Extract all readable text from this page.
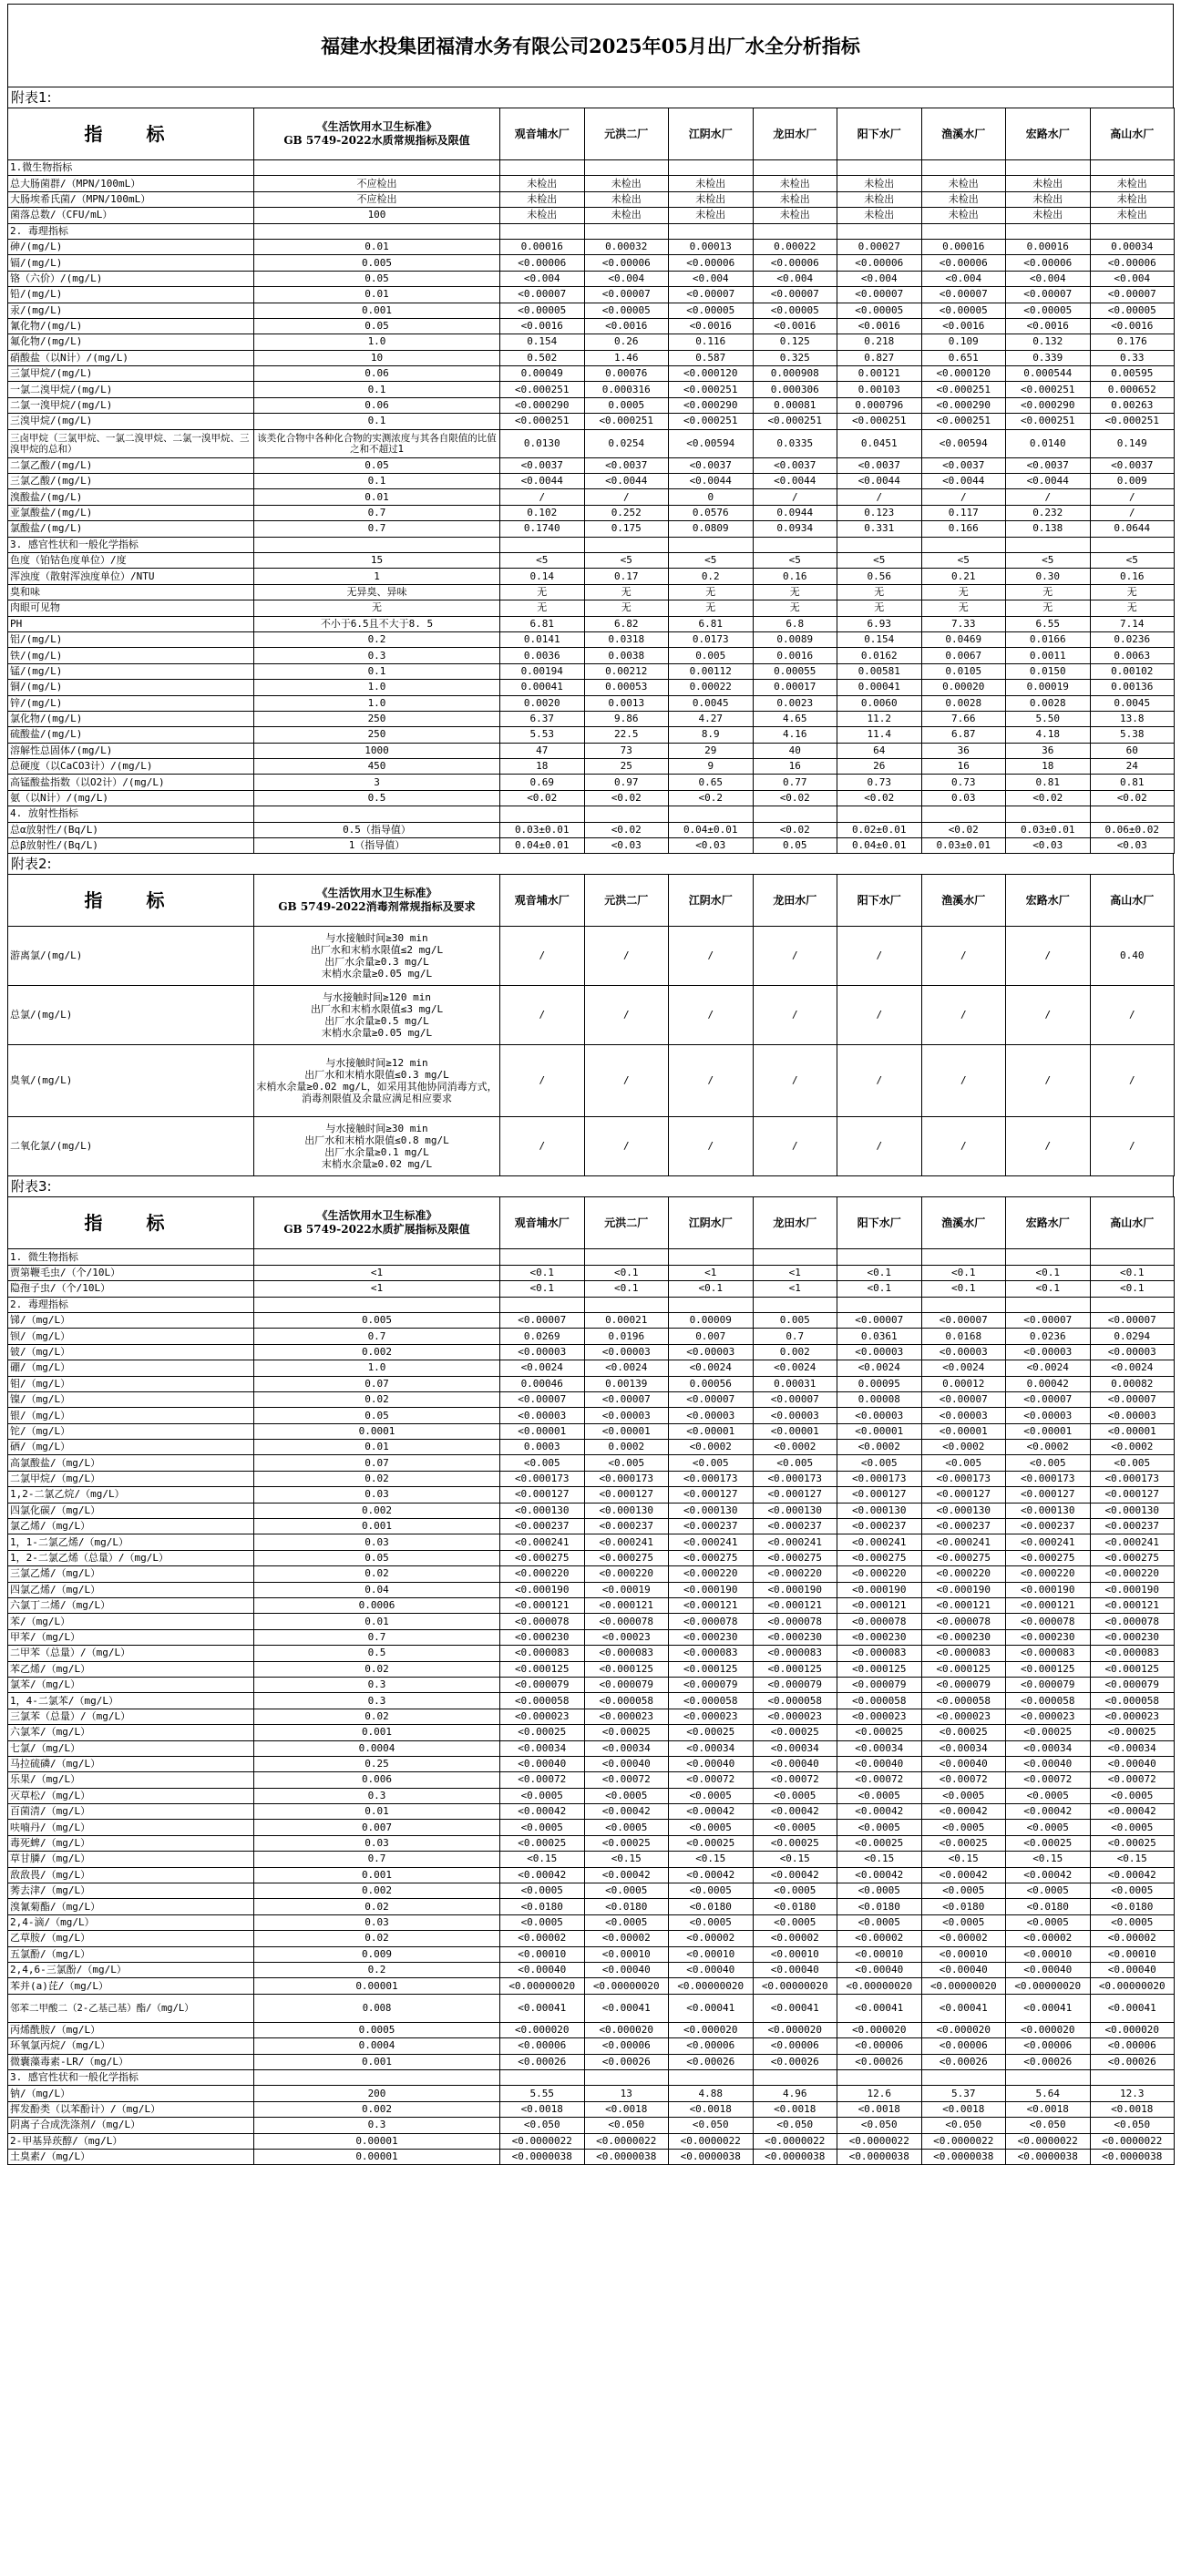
福建水投集团福清水务有限公司2025年05月出厂水全分析指标
附表1:
指　标	《生活饮用水卫生标准》
GB 5749-2022水质常规指标及限值	观音埔水厂	元洪二厂	江阴水厂	龙田水厂	阳下水厂	渔溪水厂	宏路水厂	高山水厂
1.微生物指标									
总大肠菌群/（MPN/100mL）	不应检出	未检出	未检出	未检出	未检出	未检出	未检出	未检出	未检出
大肠埃希氏菌/（MPN/100mL）	不应检出	未检出	未检出	未检出	未检出	未检出	未检出	未检出	未检出
菌落总数/（CFU/mL）	100	未检出	未检出	未检出	未检出	未检出	未检出	未检出	未检出
2. 毒理指标									
砷/(mg/L)	0.01	0.00016	0.00032	0.00013	0.00022	0.00027	0.00016	0.00016	0.00034
镉/(mg/L)	0.005	<0.00006	<0.00006	<0.00006	<0.00006	<0.00006	<0.00006	<0.00006	<0.00006
铬（六价）/(mg/L)	0.05	<0.004	<0.004	<0.004	<0.004	<0.004	<0.004	<0.004	<0.004
铅/(mg/L)	0.01	<0.00007	<0.00007	<0.00007	<0.00007	<0.00007	<0.00007	<0.00007	<0.00007
汞/(mg/L)	0.001	<0.00005	<0.00005	<0.00005	<0.00005	<0.00005	<0.00005	<0.00005	<0.00005
氰化物/(mg/L)	0.05	<0.0016	<0.0016	<0.0016	<0.0016	<0.0016	<0.0016	<0.0016	<0.0016
氟化物/(mg/L)	1.0	0.154	0.26	0.116	0.125	0.218	0.109	0.132	0.176
硝酸盐（以N计）/(mg/L)	10	0.502	1.46	0.587	0.325	0.827	0.651	0.339	0.33
三氯甲烷/(mg/L)	0.06	0.00049	0.00076	<0.000120	0.000908	0.00121	<0.000120	0.000544	0.00595
一氯二溴甲烷/(mg/L)	0.1	<0.000251	0.000316	<0.000251	0.000306	0.00103	<0.000251	<0.000251	0.000652
二氯一溴甲烷/(mg/L)	0.06	<0.000290	0.0005	<0.000290	0.00081	0.000796	<0.000290	<0.000290	0.00263
三溴甲烷/(mg/L)	0.1	<0.000251	<0.000251	<0.000251	<0.000251	<0.000251	<0.000251	<0.000251	<0.000251
三卤甲烷（三氯甲烷、一氯二溴甲烷、二氯一溴甲烷、三溴甲烷的总和）	该类化合物中各种化合物的实测浓度与其各自限值的比值之和不超过1	0.0130	0.0254	<0.00594	0.0335	0.0451	<0.00594	0.0140	0.149
二氯乙酸/(mg/L)	0.05	<0.0037	<0.0037	<0.0037	<0.0037	<0.0037	<0.0037	<0.0037	<0.0037
三氯乙酸/(mg/L)	0.1	<0.0044	<0.0044	<0.0044	<0.0044	<0.0044	<0.0044	<0.0044	0.009
溴酸盐/(mg/L)	0.01	/	/	0	/	/	/	/	/
亚氯酸盐/(mg/L)	0.7	0.102	0.252	0.0576	0.0944	0.123	0.117	0.232	/
氯酸盐/(mg/L)	0.7	0.1740	0.175	0.0809	0.0934	0.331	0.166	0.138	0.0644
3. 感官性状和一般化学指标									
色度（铂钴色度单位）/度	15	<5	<5	<5	<5	<5	<5	<5	<5
浑浊度（散射浑浊度单位）/NTU	1	0.14	0.17	0.2	0.16	0.56	0.21	0.30	0.16
臭和味	无异臭、异味	无	无	无	无	无	无	无	无
肉眼可见物	无	无	无	无	无	无	无	无	无
PH	不小于6.5且不大于8. 5	6.81	6.82	6.81	6.8	6.93	7.33	6.55	7.14
铝/(mg/L)	0.2	0.0141	0.0318	0.0173	0.0089	0.154	0.0469	0.0166	0.0236
铁/(mg/L)	0.3	0.0036	0.0038	0.005	0.0016	0.0162	0.0067	0.0011	0.0063
锰/(mg/L)	0.1	0.00194	0.00212	0.00112	0.00055	0.00581	0.0105	0.0150	0.00102
铜/(mg/L)	1.0	0.00041	0.00053	0.00022	0.00017	0.00041	0.00020	0.00019	0.00136
锌/(mg/L)	1.0	0.0020	0.0013	0.0045	0.0023	0.0060	0.0028	0.0028	0.0045
氯化物/(mg/L)	250	6.37	9.86	4.27	4.65	11.2	7.66	5.50	13.8
硫酸盐/(mg/L)	250	5.53	22.5	8.9	4.16	11.4	6.87	4.18	5.38
溶解性总固体/(mg/L)	1000	47	73	29	40	64	36	36	60
总硬度（以CaCO3计）/(mg/L)	450	18	25	9	16	26	16	18	24
高锰酸盐指数（以O2计）/(mg/L)	3	0.69	0.97	0.65	0.77	0.73	0.73	0.81	0.81
氨（以N计）/(mg/L)	0.5	<0.02	<0.02	<0.2	<0.02	<0.02	0.03	<0.02	<0.02
4. 放射性指标									
总α放射性/(Bq/L)	0.5（指导值）	0.03±0.01	<0.02	0.04±0.01	<0.02	0.02±0.01	<0.02	0.03±0.01	0.06±0.02
总β放射性/(Bq/L)	1（指导值）	0.04±0.01	<0.03	<0.03	0.05	0.04±0.01	0.03±0.01	<0.03	<0.03
附表2:
指　标	《生活饮用水卫生标准》
GB 5749-2022消毒剂常规指标及要求	观音埔水厂	元洪二厂	江阴水厂	龙田水厂	阳下水厂	渔溪水厂	宏路水厂	高山水厂
游离氯/(mg/L)	与水接触时间≥30 min
出厂水和末梢水限值≤2 mg/L
出厂水余量≥0.3 mg/L
末梢水余量≥0.05 mg/L	/	/	/	/	/	/	/	0.40
总氯/(mg/L)	与水接触时间≥120 min
出厂水和末梢水限值≤3 mg/L
出厂水余量≥0.5 mg/L
末梢水余量≥0.05 mg/L	/	/	/	/	/	/	/	/
臭氧/(mg/L)	与水接触时间≥12 min
出厂水和末梢水限值≤0.3 mg/L
末梢水余量≥0.02 mg/L，如采用其他协同消毒方式，消毒剂限值及余量应满足相应要求	/	/	/	/	/	/	/	/
二氧化氯/(mg/L)	与水接触时间≥30 min
出厂水和末梢水限值≤0.8 mg/L
出厂水余量≥0.1 mg/L
末梢水余量≥0.02 mg/L	/	/	/	/	/	/	/	/
附表3:
指　标	《生活饮用水卫生标准》
GB 5749-2022水质扩展指标及限值	观音埔水厂	元洪二厂	江阴水厂	龙田水厂	阳下水厂	渔溪水厂	宏路水厂	高山水厂
1. 微生物指标									
贾第鞭毛虫/（个/10L）	<1	<0.1	<0.1	<1	<1	<0.1	<0.1	<0.1	<0.1
隐孢子虫/（个/10L）	<1	<0.1	<0.1	<0.1	<1	<0.1	<0.1	<0.1	<0.1
2. 毒理指标									
锑/（mg/L）	0.005	<0.00007	0.00021	0.00009	0.005	<0.00007	<0.00007	<0.00007	<0.00007
钡/（mg/L）	0.7	0.0269	0.0196	0.007	0.7	0.0361	0.0168	0.0236	0.0294
铍/（mg/L）	0.002	<0.00003	<0.00003	<0.00003	0.002	<0.00003	<0.00003	<0.00003	<0.00003
硼/（mg/L）	1.0	<0.0024	<0.0024	<0.0024	<0.0024	<0.0024	<0.0024	<0.0024	<0.0024
钼/（mg/L）	0.07	0.00046	0.00139	0.00056	0.00031	0.00095	0.00012	0.00042	0.00082
镍/（mg/L）	0.02	<0.00007	<0.00007	<0.00007	<0.00007	0.00008	<0.00007	<0.00007	<0.00007
银/（mg/L）	0.05	<0.00003	<0.00003	<0.00003	<0.00003	<0.00003	<0.00003	<0.00003	<0.00003
铊/（mg/L）	0.0001	<0.00001	<0.00001	<0.00001	<0.00001	<0.00001	<0.00001	<0.00001	<0.00001
硒/（mg/L）	0.01	0.0003	0.0002	<0.0002	<0.0002	<0.0002	<0.0002	<0.0002	<0.0002
高氯酸盐/（mg/L）	0.07	<0.005	<0.005	<0.005	<0.005	<0.005	<0.005	<0.005	<0.005
二氯甲烷/（mg/L）	0.02	<0.000173	<0.000173	<0.000173	<0.000173	<0.000173	<0.000173	<0.000173	<0.000173
1,2-二氯乙烷/（mg/L）	0.03	<0.000127	<0.000127	<0.000127	<0.000127	<0.000127	<0.000127	<0.000127	<0.000127
四氯化碳/（mg/L）	0.002	<0.000130	<0.000130	<0.000130	<0.000130	<0.000130	<0.000130	<0.000130	<0.000130
氯乙烯/（mg/L）	0.001	<0.000237	<0.000237	<0.000237	<0.000237	<0.000237	<0.000237	<0.000237	<0.000237
1，1-二氯乙烯/（mg/L）	0.03	<0.000241	<0.000241	<0.000241	<0.000241	<0.000241	<0.000241	<0.000241	<0.000241
1，2-二氯乙烯（总量）/（mg/L）	0.05	<0.000275	<0.000275	<0.000275	<0.000275	<0.000275	<0.000275	<0.000275	<0.000275
三氯乙烯/（mg/L）	0.02	<0.000220	<0.000220	<0.000220	<0.000220	<0.000220	<0.000220	<0.000220	<0.000220
四氯乙烯/（mg/L）	0.04	<0.000190	<0.00019	<0.000190	<0.000190	<0.000190	<0.000190	<0.000190	<0.000190
六氯丁二烯/（mg/L）	0.0006	<0.000121	<0.000121	<0.000121	<0.000121	<0.000121	<0.000121	<0.000121	<0.000121
苯/（mg/L）	0.01	<0.000078	<0.000078	<0.000078	<0.000078	<0.000078	<0.000078	<0.000078	<0.000078
甲苯/（mg/L）	0.7	<0.000230	<0.00023	<0.000230	<0.000230	<0.000230	<0.000230	<0.000230	<0.000230
二甲苯（总量）/（mg/L）	0.5	<0.000083	<0.000083	<0.000083	<0.000083	<0.000083	<0.000083	<0.000083	<0.000083
苯乙烯/（mg/L）	0.02	<0.000125	<0.000125	<0.000125	<0.000125	<0.000125	<0.000125	<0.000125	<0.000125
氯苯/（mg/L）	0.3	<0.000079	<0.000079	<0.000079	<0.000079	<0.000079	<0.000079	<0.000079	<0.000079
1，4-二氯苯/（mg/L）	0.3	<0.000058	<0.000058	<0.000058	<0.000058	<0.000058	<0.000058	<0.000058	<0.000058
三氯苯（总量）/（mg/L）	0.02	<0.000023	<0.000023	<0.000023	<0.000023	<0.000023	<0.000023	<0.000023	<0.000023
六氯苯/（mg/L）	0.001	<0.00025	<0.00025	<0.00025	<0.00025	<0.00025	<0.00025	<0.00025	<0.00025
七氯/（mg/L）	0.0004	<0.00034	<0.00034	<0.00034	<0.00034	<0.00034	<0.00034	<0.00034	<0.00034
马拉硫磷/（mg/L）	0.25	<0.00040	<0.00040	<0.00040	<0.00040	<0.00040	<0.00040	<0.00040	<0.00040
乐果/（mg/L）	0.006	<0.00072	<0.00072	<0.00072	<0.00072	<0.00072	<0.00072	<0.00072	<0.00072
灭草松/（mg/L）	0.3	<0.0005	<0.0005	<0.0005	<0.0005	<0.0005	<0.0005	<0.0005	<0.0005
百菌清/（mg/L）	0.01	<0.00042	<0.00042	<0.00042	<0.00042	<0.00042	<0.00042	<0.00042	<0.00042
呋喃丹/（mg/L）	0.007	<0.0005	<0.0005	<0.0005	<0.0005	<0.0005	<0.0005	<0.0005	<0.0005
毒死蜱/（mg/L）	0.03	<0.00025	<0.00025	<0.00025	<0.00025	<0.00025	<0.00025	<0.00025	<0.00025
草甘膦/（mg/L）	0.7	<0.15	<0.15	<0.15	<0.15	<0.15	<0.15	<0.15	<0.15
敌敌畏/（mg/L）	0.001	<0.00042	<0.00042	<0.00042	<0.00042	<0.00042	<0.00042	<0.00042	<0.00042
莠去津/（mg/L）	0.002	<0.0005	<0.0005	<0.0005	<0.0005	<0.0005	<0.0005	<0.0005	<0.0005
溴氰菊酯/（mg/L）	0.02	<0.0180	<0.0180	<0.0180	<0.0180	<0.0180	<0.0180	<0.0180	<0.0180
2,4-滴/（mg/L）	0.03	<0.0005	<0.0005	<0.0005	<0.0005	<0.0005	<0.0005	<0.0005	<0.0005
乙草胺/（mg/L）	0.02	<0.00002	<0.00002	<0.00002	<0.00002	<0.00002	<0.00002	<0.00002	<0.00002
五氯酚/（mg/L）	0.009	<0.00010	<0.00010	<0.00010	<0.00010	<0.00010	<0.00010	<0.00010	<0.00010
2,4,6-三氯酚/（mg/L）	0.2	<0.00040	<0.00040	<0.00040	<0.00040	<0.00040	<0.00040	<0.00040	<0.00040
苯并(a)芘/（mg/L）	0.00001	<0.00000020	<0.00000020	<0.00000020	<0.00000020	<0.00000020	<0.00000020	<0.00000020	<0.00000020
邻苯二甲酸二（2-乙基己基）酯/（mg/L）	0.008	<0.00041	<0.00041	<0.00041	<0.00041	<0.00041	<0.00041	<0.00041	<0.00041
丙烯酰胺/（mg/L）	0.0005	<0.000020	<0.000020	<0.000020	<0.000020	<0.000020	<0.000020	<0.000020	<0.000020
环氧氯丙烷/（mg/L）	0.0004	<0.00006	<0.00006	<0.00006	<0.00006	<0.00006	<0.00006	<0.00006	<0.00006
微囊藻毒素-LR/（mg/L）	0.001	<0.00026	<0.00026	<0.00026	<0.00026	<0.00026	<0.00026	<0.00026	<0.00026
3. 感官性状和一般化学指标									
钠/（mg/L）	200	5.55	13	4.88	4.96	12.6	5.37	5.64	12.3
挥发酚类（以苯酚计）/（mg/L）	0.002	<0.0018	<0.0018	<0.0018	<0.0018	<0.0018	<0.0018	<0.0018	<0.0018
阴离子合成洗涤剂/（mg/L）	0.3	<0.050	<0.050	<0.050	<0.050	<0.050	<0.050	<0.050	<0.050
2-甲基异莰醇/（mg/L）	0.00001	<0.0000022	<0.0000022	<0.0000022	<0.0000022	<0.0000022	<0.0000022	<0.0000022	<0.0000022
土臭素/（mg/L）	0.00001	<0.0000038	<0.0000038	<0.0000038	<0.0000038	<0.0000038	<0.0000038	<0.0000038	<0.0000038
